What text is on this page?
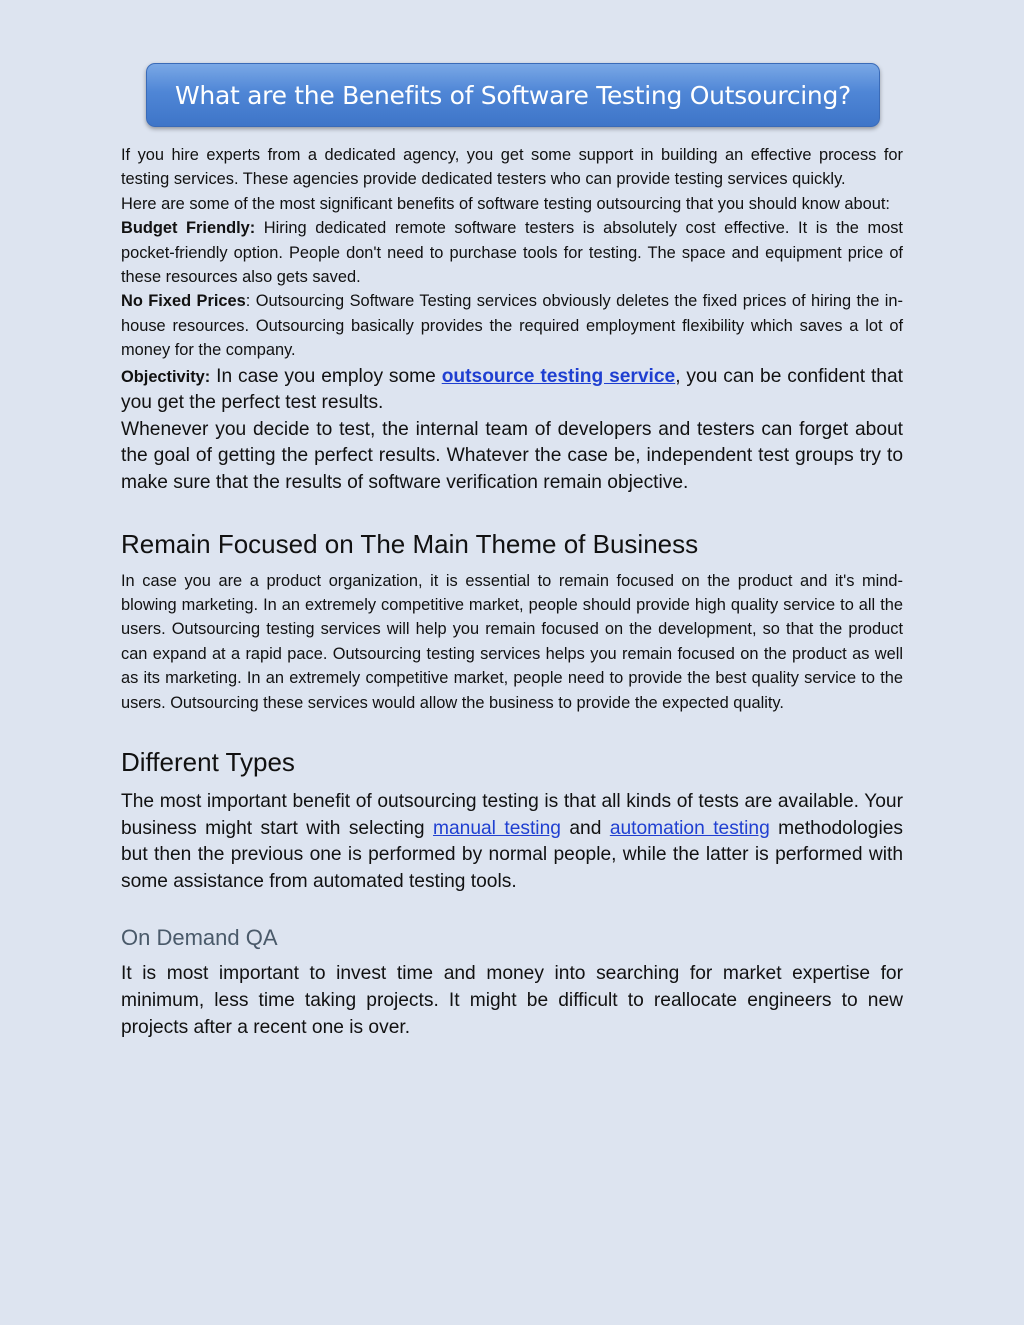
What are the Benefits of Software Testing Outsourcing?

If you hire experts from a dedicated agency, you get some support in building an effective process for testing services. These agencies provide dedicated testers who can provide testing services quickly.

Here are some of the most significant benefits of software testing outsourcing that you should know about:

Budget Friendly: Hiring dedicated remote software testers is absolutely cost effective. It is the most pocket-friendly option. People don't need to purchase tools for testing. The space and equipment price of these resources also gets saved.

No Fixed Prices: Outsourcing Software Testing services obviously deletes the fixed prices of hiring the in-house resources. Outsourcing basically provides the required employment flexibility which saves a lot of money for the company.

Objectivity: In case you employ some outsource testing service, you can be confident that you get the perfect test results.

Whenever you decide to test, the internal team of developers and testers can forget about the goal of getting the perfect results. Whatever the case be, independent test groups try to make sure that the results of software verification remain objective.

Remain Focused on The Main Theme of Business

In case you are a product organization, it is essential to remain focused on the product and it's mind-blowing marketing. In an extremely competitive market, people should provide high quality service to all the users. Outsourcing testing services will help you remain focused on the development, so that the product can expand at a rapid pace. Outsourcing testing services helps you remain focused on the product as well as its marketing. In an extremely competitive market, people need to provide the best quality service to the users. Outsourcing these services would allow the business to provide the expected quality.

Different Types

The most important benefit of outsourcing testing is that all kinds of tests are available. Your business might start with selecting manual testing and automation testing methodologies but then the previous one is performed by normal people, while the latter is performed with some assistance from automated testing tools.

On Demand QA

It is most important to invest time and money into searching for market expertise for minimum, less time taking projects. It might be difficult to reallocate engineers to new projects after a recent one is over.
